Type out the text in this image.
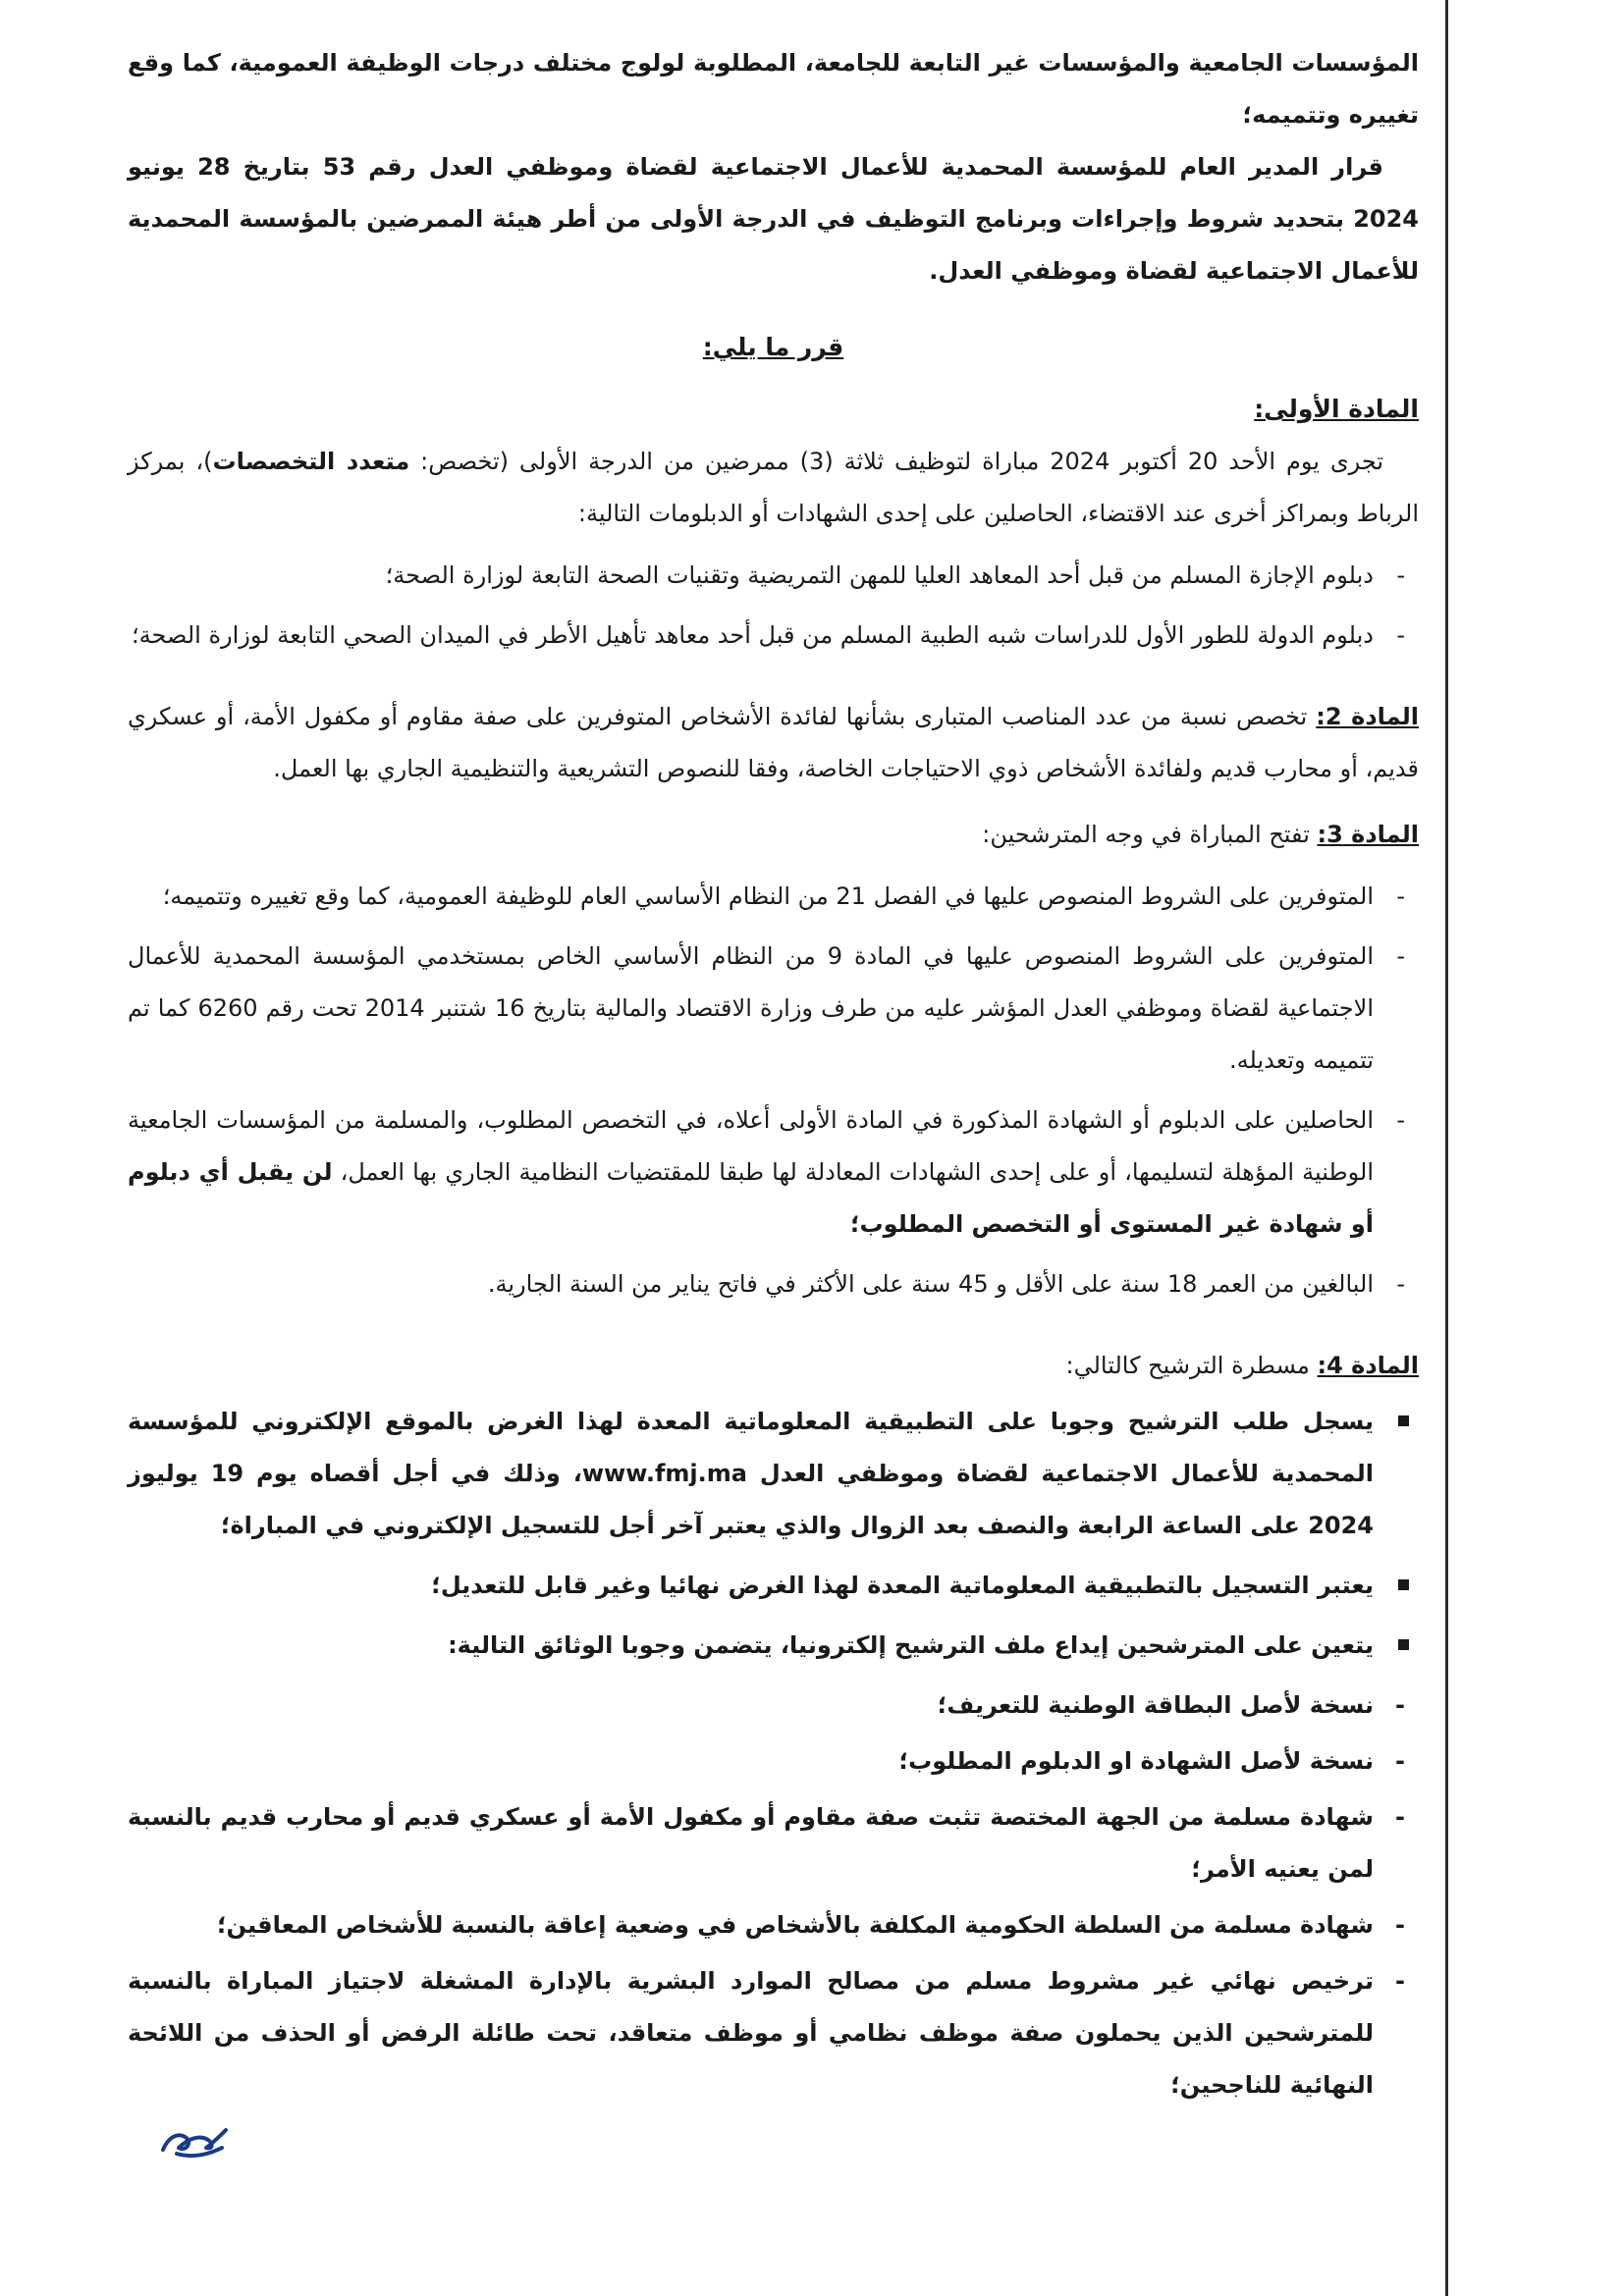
المؤسسات الجامعية والمؤسسات غير التابعة للجامعة، المطلوبة لولوج مختلف درجات الوظيفة العمومية، كما وقع تغييره وتتميمه؛

قرار المدير العام للمؤسسة المحمدية للأعمال الاجتماعية لقضاة وموظفي العدل رقم 53 بتاريخ 28 يونيو 2024 بتحديد شروط وإجراءات وبرنامج التوظيف في الدرجة الأولى من أطر هيئة الممرضين بالمؤسسة المحمدية للأعمال الاجتماعية لقضاة وموظفي العدل.

قرر ما يلي:

المادة الأولى:

تجرى يوم الأحد 20 أكتوبر 2024 مباراة لتوظيف ثلاثة (3) ممرضين من الدرجة الأولى (تخصص: متعدد التخصصات)، بمركز الرباط وبمراكز أخرى عند الاقتضاء، الحاصلين على إحدى الشهادات أو الدبلومات التالية:

-
دبلوم الإجازة المسلم من قبل أحد المعاهد العليا للمهن التمريضية وتقنيات الصحة التابعة لوزارة الصحة؛
-
دبلوم الدولة للطور الأول للدراسات شبه الطبية المسلم من قبل أحد معاهد تأهيل الأطر في الميدان الصحي التابعة لوزارة الصحة؛

المادة 2: تخصص نسبة من عدد المناصب المتبارى بشأنها لفائدة الأشخاص المتوفرين على صفة مقاوم أو مكفول الأمة، أو عسكري قديم، أو محارب قديم ولفائدة الأشخاص ذوي الاحتياجات الخاصة، وفقا للنصوص التشريعية والتنظيمية الجاري بها العمل.

المادة 3: تفتح المباراة في وجه المترشحين:

-
المتوفرين على الشروط المنصوص عليها في الفصل 21 من النظام الأساسي العام للوظيفة العمومية، كما وقع تغييره وتتميمه؛
-
المتوفرين على الشروط المنصوص عليها في المادة 9 من النظام الأساسي الخاص بمستخدمي المؤسسة المحمدية للأعمال الاجتماعية لقضاة وموظفي العدل المؤشر عليه من طرف وزارة الاقتصاد والمالية بتاريخ 16 شتنبر 2014 تحت رقم 6260 كما تم تتميمه وتعديله.
-
الحاصلين على الدبلوم أو الشهادة المذكورة في المادة الأولى أعلاه، في التخصص المطلوب، والمسلمة من المؤسسات الجامعية الوطنية المؤهلة لتسليمها، أو على إحدى الشهادات المعادلة لها طبقا للمقتضيات النظامية الجاري بها العمل، لن يقبل أي دبلوم أو شهادة غير المستوى أو التخصص المطلوب؛
-
البالغين من العمر 18 سنة على الأقل و 45 سنة على الأكثر في فاتح يناير من السنة الجارية.

المادة 4: مسطرة الترشيح كالتالي:

يسجل طلب الترشيح وجوبا على التطبيقية المعلوماتية المعدة لهذا الغرض بالموقع الإلكتروني للمؤسسة المحمدية للأعمال الاجتماعية لقضاة وموظفي العدل www.fmj.ma، وذلك في أجل أقصاه يوم 19 يوليوز 2024 على الساعة الرابعة والنصف بعد الزوال والذي يعتبر آخر أجل للتسجيل الإلكتروني في المباراة؛
يعتبر التسجيل بالتطبيقية المعلوماتية المعدة لهذا الغرض نهائيا وغير قابل للتعديل؛
يتعين على المترشحين إيداع ملف الترشيح إلكترونيا، يتضمن وجوبا الوثائق التالية:
-
نسخة لأصل البطاقة الوطنية للتعريف؛
-
نسخة لأصل الشهادة او الدبلوم المطلوب؛
-
شهادة مسلمة من الجهة المختصة تثبت صفة مقاوم أو مكفول الأمة أو عسكري قديم أو محارب قديم بالنسبة لمن يعنيه الأمر؛
-
شهادة مسلمة من السلطة الحكومية المكلفة بالأشخاص في وضعية إعاقة بالنسبة للأشخاص المعاقين؛
-
ترخيص نهائي غير مشروط مسلم من مصالح الموارد البشرية بالإدارة المشغلة لاجتياز المباراة بالنسبة للمترشحين الذين يحملون صفة موظف نظامي أو موظف متعاقد، تحت طائلة الرفض أو الحذف من اللائحة النهائية للناجحين؛
